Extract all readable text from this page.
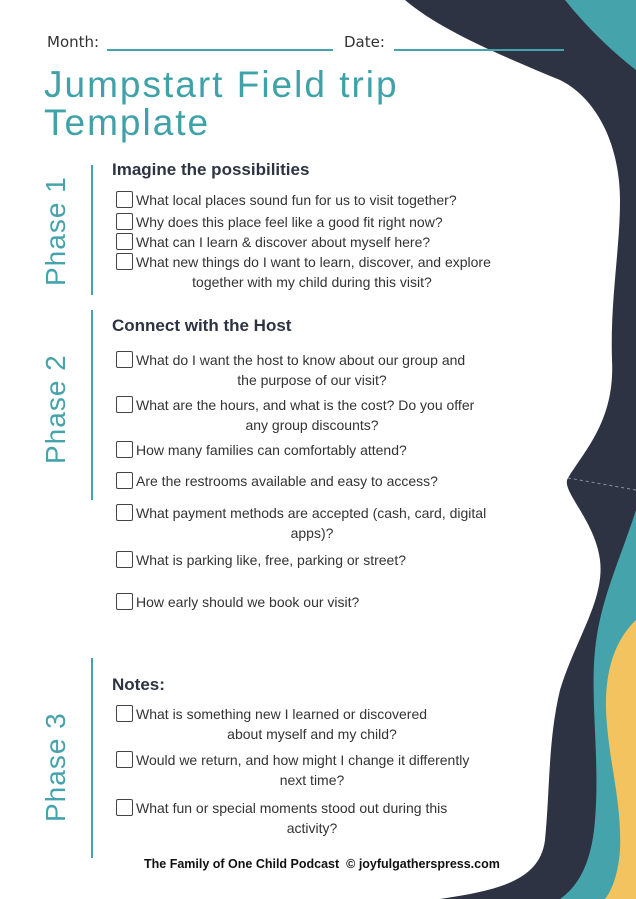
Month:	Date:
Jumpstart Field trip
Template
Phase 1
Imagine the possibilities
What local places sound fun for us to visit together?
Why does this place feel like a good fit right now?
What can I learn & discover about myself here?
What new things do I want to learn, discover, and explore
together with my child during this visit?
Phase 2
Connect with the Host
What do I want the host to know about our group and
the purpose of our visit?
What are the hours, and what is the cost? Do you offer
any group discounts?
How many families can comfortably attend?
Are the restrooms available and easy to access?
What payment methods are accepted (cash, card, digital
apps)?
What is parking like, free, parking or street?
How early should we book our visit?
Phase 3
Notes:
What is something new I learned or discovered
about myself and my child?
Would we return, and how might I change it differently
next time?
What fun or special moments stood out during this
activity?
The Family of One Child Podcast © joyfulgatherspress.com
